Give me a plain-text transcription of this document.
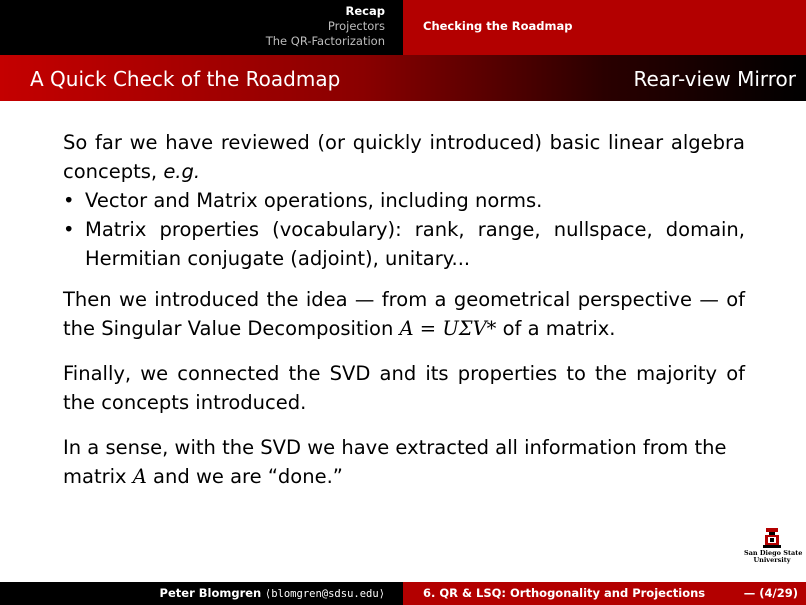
Recap
Projectors
The QR-Factorization
Checking the Roadmap
A Quick Check of the Roadmap	Rear-view Mirror

So far we have reviewed (or quickly introduced) basic linear algebra concepts, e.g.

• Vector and Matrix operations, including norms.
• Matrix properties (vocabulary): rank, range, nullspace, domain, Hermitian conjugate (adjoint), unitary...

Then we introduced the idea — from a geometrical perspective — of the Singular Value Decomposition A = UΣV* of a matrix.

Finally, we connected the SVD and its properties to the majority of the concepts introduced.

In a sense, with the SVD we have extracted all information from the matrix A and we are “done.”

San Diego State
University
Peter Blomgren ⟨blomgren@sdsu.edu⟩	6. QR & LSQ: Orthogonality and Projections	— (4/29)
